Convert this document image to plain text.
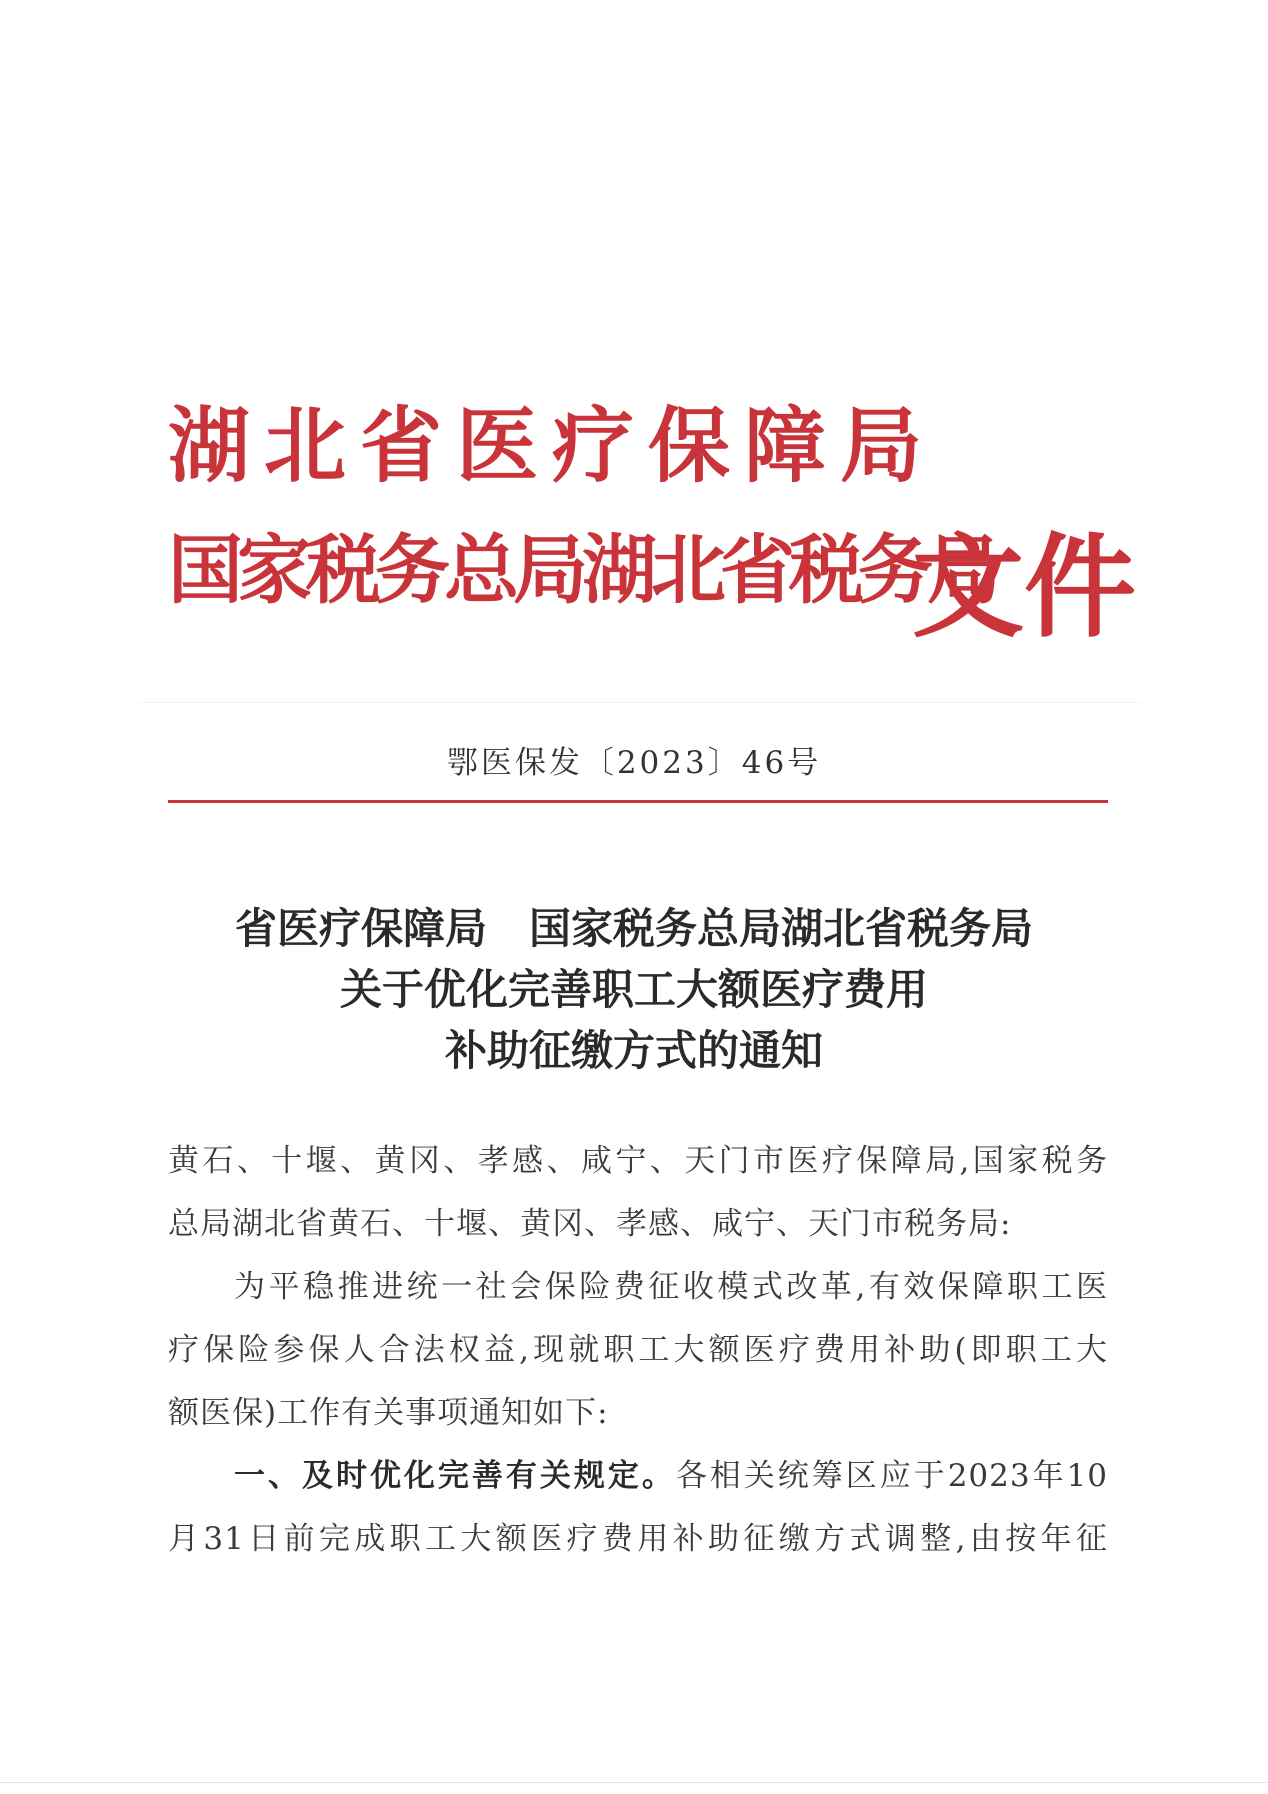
湖北省医疗保障局
国家税务总局湖北省税务局
文件
鄂医保发〔2023〕46号
省医疗保障局　国家税务总局湖北省税务局
关于优化完善职工大额医疗费用
补助征缴方式的通知
黄石、十堰、黄冈、孝感、咸宁、天门市医疗保障局,国家税务
总局湖北省黄石、十堰、黄冈、孝感、咸宁、天门市税务局:
为平稳推进统一社会保险费征收模式改革,有效保障职工医
疗保险参保人合法权益,现就职工大额医疗费用补助(即职工大
额医保)工作有关事项通知如下:
一、及时优化完善有关规定。各相关统筹区应于2023年10
月31日前完成职工大额医疗费用补助征缴方式调整,由按年征
